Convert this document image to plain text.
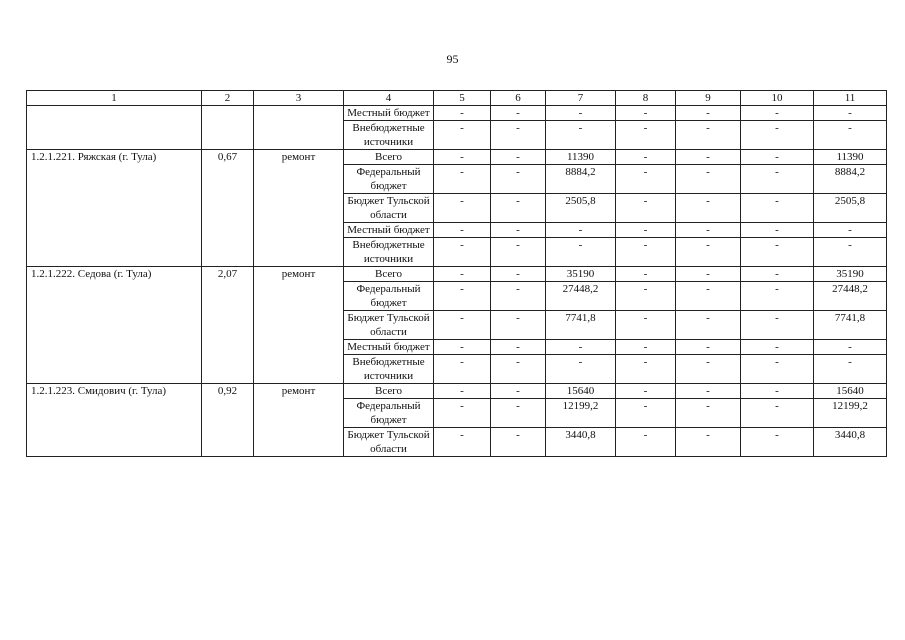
95
1	2	3	4	5	6	7	8	9	10	11
			Местный бюджет	-	-	-	-	-	-	-
			Внебюджетные источники	-	-	-	-	-	-	-
1.2.1.221. Ряжская (г. Тула)	0,67	ремонт	Всего	-	-	11390	-	-	-	11390
			Федеральный бюджет	-	-	8884,2	-	-	-	8884,2
			Бюджет Тульской области	-	-	2505,8	-	-	-	2505,8
			Местный бюджет	-	-	-	-	-	-	-
			Внебюджетные источники	-	-	-	-	-	-	-
1.2.1.222. Седова (г. Тула)	2,07	ремонт	Всего	-	-	35190	-	-	-	35190
			Федеральный бюджет	-	-	27448,2	-	-	-	27448,2
			Бюджет Тульской области	-	-	7741,8	-	-	-	7741,8
			Местный бюджет	-	-	-	-	-	-	-
			Внебюджетные источники	-	-	-	-	-	-	-
1.2.1.223. Смидович (г. Тула)	0,92	ремонт	Всего	-	-	15640	-	-	-	15640
			Федеральный бюджет	-	-	12199,2	-	-	-	12199,2
			Бюджет Тульской области	-	-	3440,8	-	-	-	3440,8
